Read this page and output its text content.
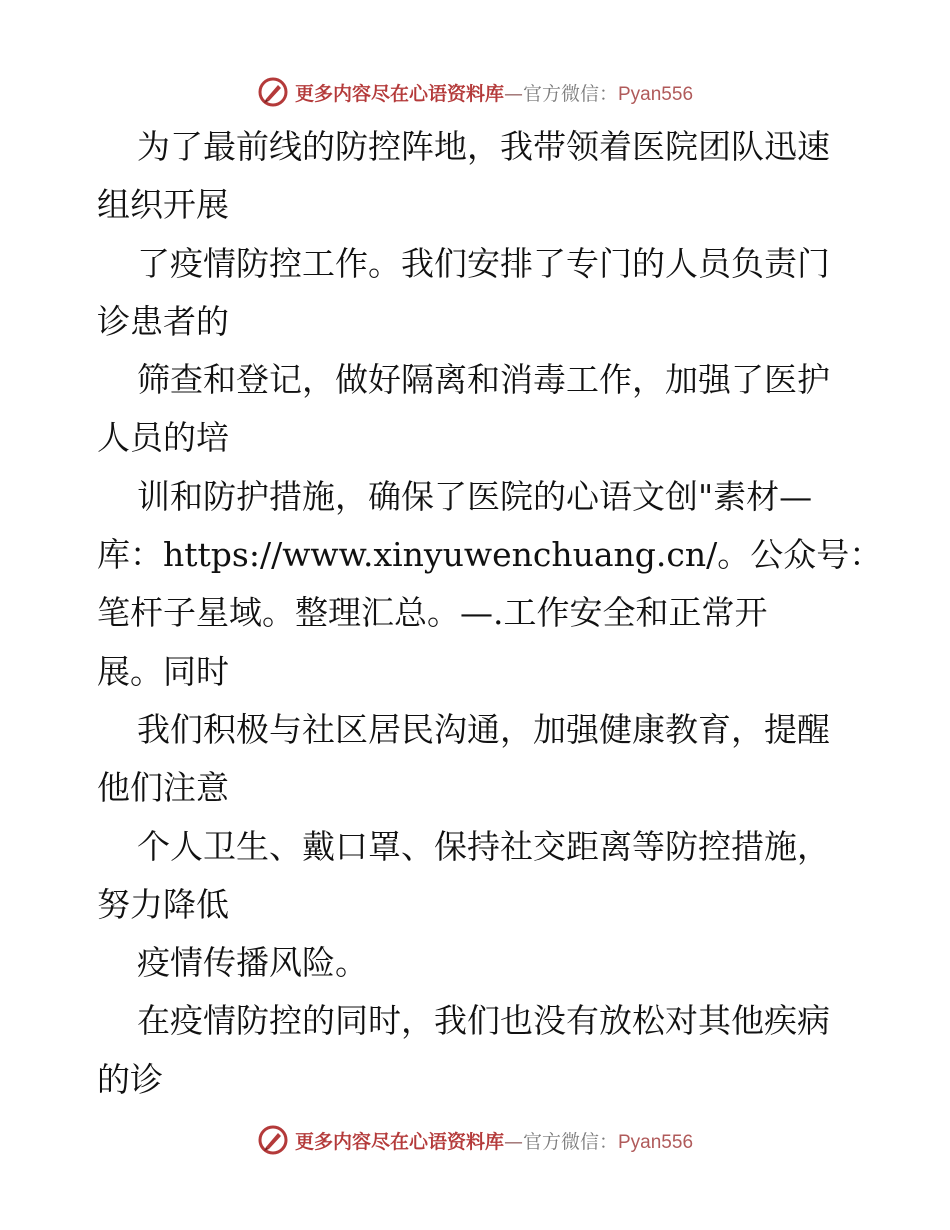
更多内容尽在心语资料库 — 官方微信： Pyan556
为了最前线的防控阵地，我带领着医院团队迅速
组织开展
了疫情防控工作。我们安排了专门的人员负责门
诊患者的
筛查和登记，做好隔离和消毒工作，加强了医护
人员的培
训和防护措施，确保了医院的心语文创"素材—
库：https://www.xinyuwenchuang.cn/。公众号：
笔杆子星域。整理汇总。—.工作安全和正常开
展。同时
我们积极与社区居民沟通，加强健康教育，提醒
他们注意
个人卫生、戴口罩、保持社交距离等防控措施，
努力降低
疫情传播风险。
在疫情防控的同时，我们也没有放松对其他疾病
的诊
更多内容尽在心语资料库 — 官方微信： Pyan556
